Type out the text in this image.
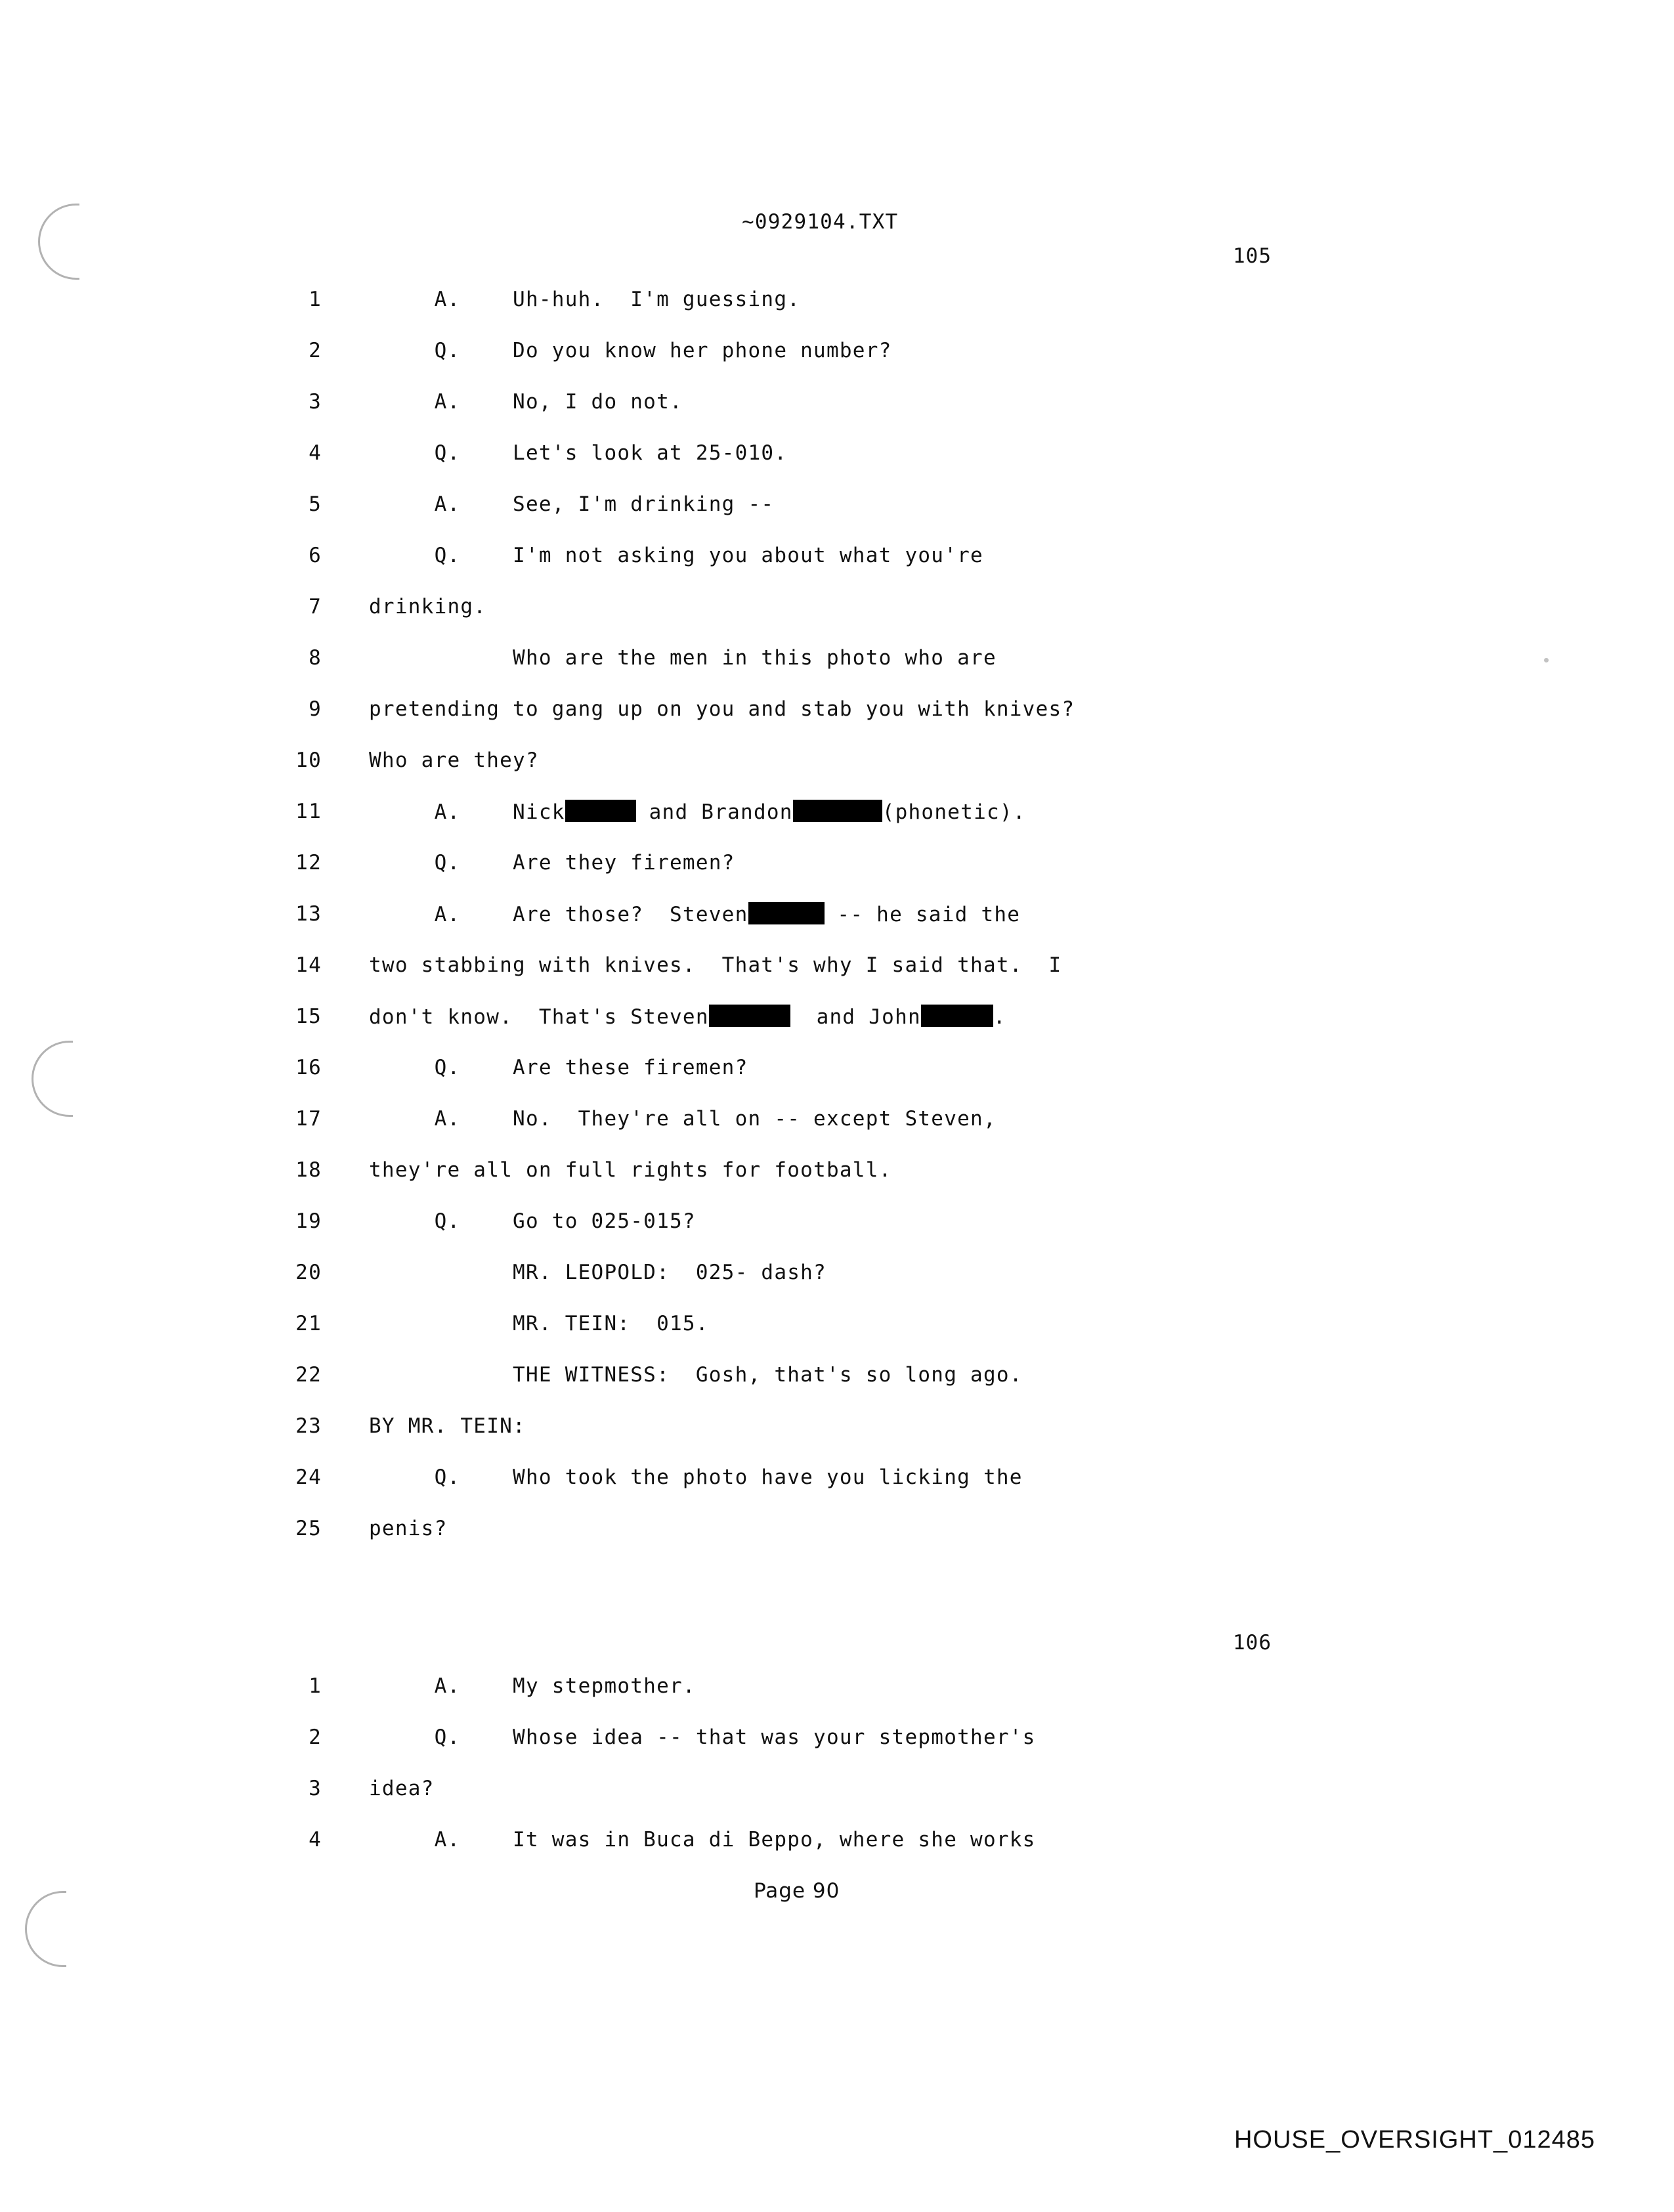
~0929104.TXT
105
1 A.    Uh-huh.  I'm guessing.
2 Q.    Do you know her phone number?
3 A.    No, I do not.
4 Q.    Let's look at 25-010.
5 A.    See, I'm drinking --
6 Q.    I'm not asking you about what you're
7 drinking.
8 Who are the men in this photo who are
9 pretending to gang up on you and stab you with knives?
10 Who are they?
11 A.    Nick	and Brandon	(phonetic).
12 Q.    Are they firemen?
13 A.    Are those?  Steven	-- he said the
14 two stabbing with knives.  That's why I said that.  I
15 don't know.  That's Steven	and John	.
16 Q.    Are these firemen?
17 A.    No.  They're all on -- except Steven,
18 they're all on full rights for football.
19 Q.    Go to 025-015?
20 MR. LEOPOLD:  025- dash?
21 MR. TEIN:  015.
22 THE WITNESS:  Gosh, that's so long ago.
23 BY MR. TEIN:
24 Q.    Who took the photo have you licking the
25 penis?
106
1 A.    My stepmother.
2 Q.    Whose idea -- that was your stepmother's
3 idea?
4 A.    It was in Buca di Beppo, where she works
Page 90
HOUSE_OVERSIGHT_012485
